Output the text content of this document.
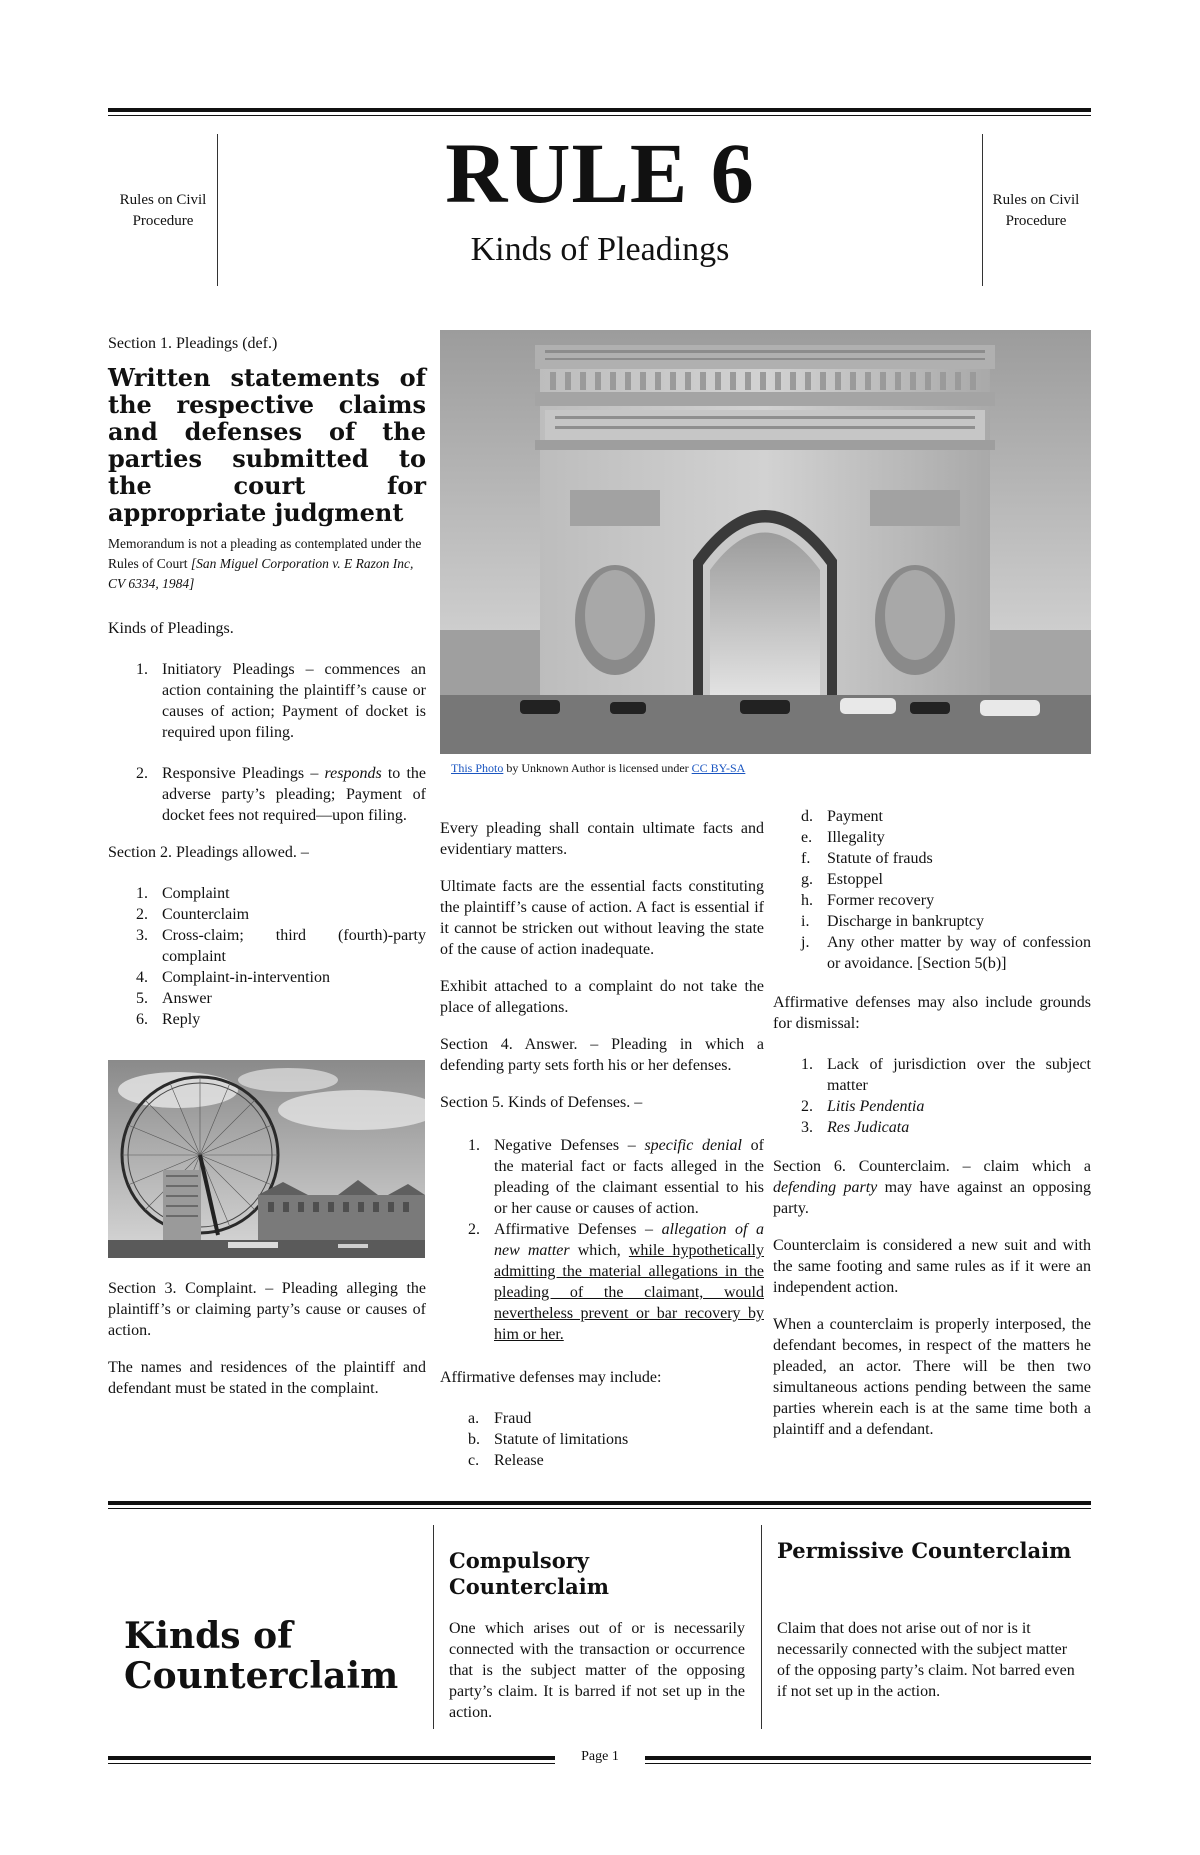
Rules on Civil Procedure	RULE 6
Kinds of Pleadings
Rules on Civil Procedure
Section 1. Pleadings (def.)
Written statements of the respective claims and defenses of the parties submitted to the court for appropriate judgment
Memorandum is not a pleading as contemplated under the Rules of Court [San Miguel Corporation v. E Razon Inc, CV 6334, 1984]

Kinds of Pleadings.

1. Initiatory Pleadings – commences an action containing the plaintiff’s cause or causes of action; Payment of docket is required upon filing.
2. Responsive Pleadings – responds to the adverse party’s pleading; Payment of docket fees not required—upon filing.

Section 2. Pleadings allowed. –

1. Complaint
2. Counterclaim
3. Cross-claim; third (fourth)-party complaint
4. Complaint-in-intervention
5. Answer
6. Reply

Section 3. Complaint. – Pleading alleging the plaintiff’s or claiming party’s cause or causes of action.

The names and residences of the plaintiff and defendant must be stated in the complaint.

This Photo by Unknown Author is licensed under CC BY-SA

Every pleading shall contain ultimate facts and evidentiary matters.

Ultimate facts are the essential facts constituting the plaintiff’s cause of action. A fact is essential if it cannot be stricken out without leaving the state of the cause of action inadequate.

Exhibit attached to a complaint do not take the place of allegations.

Section 4. Answer. – Pleading in which a defending party sets forth his or her defenses.

Section 5. Kinds of Defenses. –

1. Negative Defenses – specific denial of the material fact or facts alleged in the pleading of the claimant essential to his or her cause or causes of action.
2. Affirmative Defenses – allegation of a new matter which, while hypothetically admitting the material allegations in the pleading of the claimant, would nevertheless prevent or bar recovery by him or her.

Affirmative defenses may include:

a. Fraud
b. Statute of limitations
c. Release
d. Payment
e. Illegality
f. Statute of frauds
g. Estoppel
h. Former recovery
i. Discharge in bankruptcy
j. Any other matter by way of confession or avoidance. [Section 5(b)]

Affirmative defenses may also include grounds for dismissal:

1. Lack of jurisdiction over the subject matter
2. Litis Pendentia
3. Res Judicata

Section 6. Counterclaim. – claim which a defending party may have against an opposing party.

Counterclaim is considered a new suit and with the same footing and same rules as if it were an independent action.

When a counterclaim is properly interposed, the defendant becomes, in respect of the matters he pleaded, an actor. There will be then two simultaneous actions pending between the same parties wherein each is at the same time both a plaintiff and a defendant.

Kinds of Counterclaim
Compulsory Counterclaim
One which arises out of or is necessarily connected with the transaction or occurrence that is the subject matter of the opposing party’s claim. It is barred if not set up in the action.
Permissive Counterclaim
Claim that does not arise out of nor is it necessarily connected with the subject matter of the opposing party’s claim. Not barred even if not set up in the action.
Page 1
